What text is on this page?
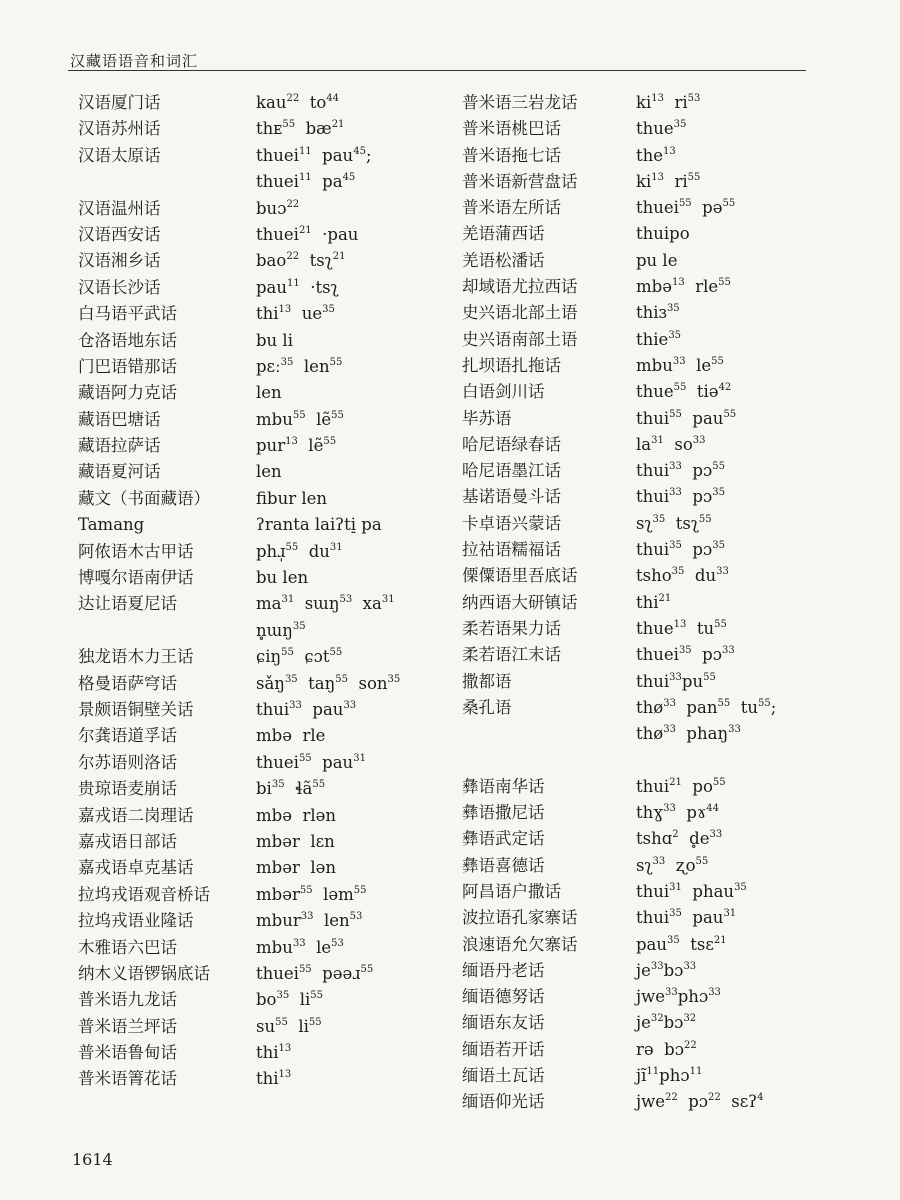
汉藏语语音和词汇
汉语厦门话	kau$^{22}$  $to^{44}$
汉语苏州话	thᴇ$^{55}$  $bæ^{21}$
汉语太原话	thuei$^{11}$  pau$^{45}$;
thuei$^{11}$  $pa^{45}$
汉语温州话	buɔ$^{22}$
汉语西安话	thuei$^{21}$  ·pau
汉语湘乡话	bao$^{22}$  tsʅ$^{21}$
汉语长沙话	pau$^{11}$  ·tsʅ
白马语平武话	thi$^{13}$  $ue^{35}$
仓洛语地东话	bu li
门巴语错那话	pɛː$^{35}$  len$^{55}$
藏语阿力克话	len
藏语巴塘话	mbu$^{55}$  lẽ$^{55}$
藏语拉萨话	pur$^{13}$  lẽ$^{55}$
藏语夏河话	len
藏文（书面藏语）	fibur len
Tamang	ʔranta laiʔti̠ pa
阿侬语木古甲话	phɹ̩$^{55}$  $du^{31}$
博嘎尔语南伊话	bu len
达让语夏尼话	$ma^{31}$  sɯŋ$^{53}$  $xa^{31}$
n̥ɯŋ$^{35}$
独龙语木力王话	ɕiŋ$^{55}$  ɕɔt$^{55}$
格曼语萨穹话	sǎŋ$^{35}$  taŋ$^{55}$  son$^{35}$
景颇语铜壁关话	thui$^{33}$  pau$^{33}$
尔龚语道孚话	mbə  rle
尔苏语则洛话	thuei$^{55}$  pau$^{31}$
贵琼语麦崩话	$bi^{35}$  ɬã$^{55}$
嘉戎语二岗理话	mbə  rlən
嘉戎语日部话	mbər  lɛn
嘉戎语卓克基话	mbər  lən
拉坞戎语观音桥话	mbər$^{55}$  ləm$^{55}$
拉坞戎语业隆话	mbur$^{33}$  len$^{53}$
木雅语六巴话	mbu$^{33}$  $le^{53}$
纳木义语锣锅底话	thuei$^{55}$  pəəɹ$^{55}$
普米语九龙话	$bo^{35}$  $li^{55}$
普米语兰坪话	$su^{55}$  $li^{55}$
普米语鲁甸话	thi$^{13}$
普米语箐花话	thi$^{13}$
普米语三岩龙话	$ki^{13}$  $ri^{53}$
普米语桃巴话	thue$^{35}$
普米语拖七话	the$^{13}$
普米语新营盘话	$ki^{13}$  $ri^{55}$
普米语左所话	thuei$^{55}$  pə$^{55}$
羌语蒲西话	thuipo
羌语松潘话	pu le
却域语尤拉西话	mbə$^{13}$  rle$^{55}$
史兴语北部土语	thiɜ$^{35}$
史兴语南部土语	thie$^{35}$
扎坝语扎拖话	mbu$^{33}$  $le^{55}$
白语剑川话	thue$^{55}$  tiə$^{42}$
毕苏语	thui$^{55}$  pau$^{55}$
哈尼语绿春话	$la^{31}$  $so^{33}$
哈尼语墨江话	thui$^{33}$  pɔ$^{55}$
基诺语曼斗话	thui$^{33}$  pɔ$^{35}$
卡卓语兴蒙话	sʅ$^{35}$  tsʅ$^{55}$
拉祜语糯福话	thui$^{35}$  pɔ$^{35}$
傈僳语里吾底话	tsho$^{35}$  $du^{33}$
纳西语大研镇话	thi$^{21}$
柔若语果力话	thue$^{13}$  $tu^{55}$
柔若语江末话	thuei$^{35}$  pɔ$^{33}$
撒都语	$thui^{33}pu^{55}$
桑孔语	thø$^{33}$  pan$^{55}$  $tu^{55}$;
thø$^{33}$  phaŋ$^{33}$
彝语南华话	thui$^{21}$  $po^{55}$
彝语撒尼话	thɣ$^{33}$  pɤ$^{44}$
彝语武定话	tshɑ$^2$  $d̥e^{33}$
彝语喜德话	sʅ$^{33}$  ʐo$^{55}$
阿昌语户撒话	thui$^{31}$  phau$^{35}$
波拉语孔家寨话	thui$^{35}$  pau$^{31}$
浪速语允欠寨话	pau$^{35}$  tsɛ$^{21}$
缅语丹老话	$je^{33}bɔ^{33}$
缅语德努话	jwe$^{33}$phɔ$^{33}$
缅语东友话	$je^{32}bɔ^{32}$
缅语若开话	rə  bɔ$^{22}$
缅语土瓦话	$jĩ^{11}phɔ^{11}$
缅语仰光话	jwe$^{22}$  pɔ$^{22}$  sɛʔ$^4$
1614
